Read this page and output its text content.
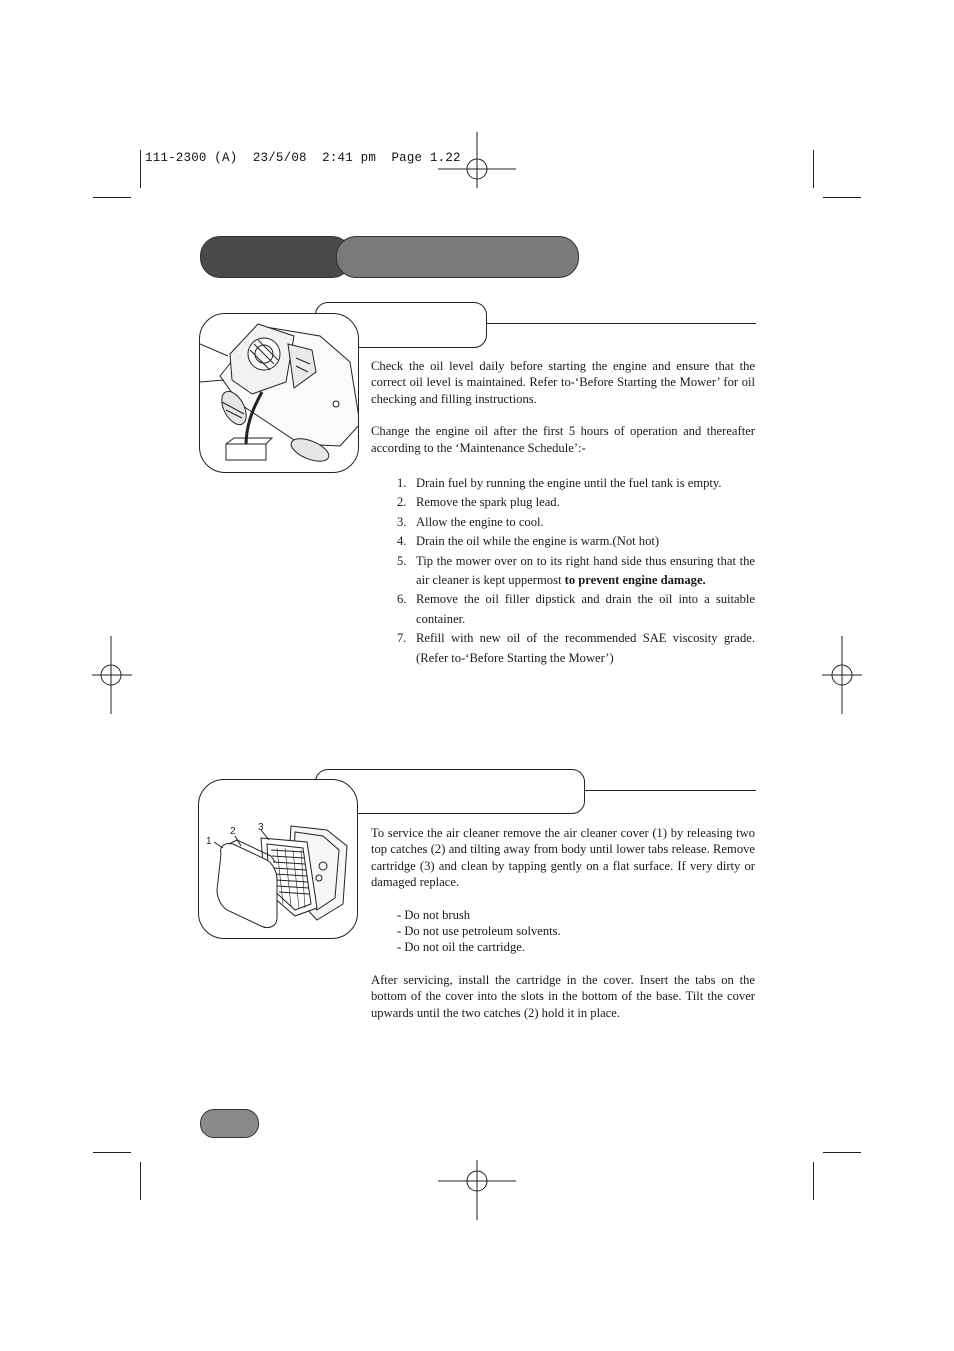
111-2300 (A)  23/5/08  2:41 pm  Page 1.22

Check the oil level daily before starting the engine and ensure that the correct oil level is maintained. Refer to-‘Before Starting the Mower’ for oil checking and filling instructions.

Change the engine oil after the first 5 hours of operation and thereafter according to the ‘Maintenance Schedule’:-

1. Drain fuel by running the engine until the fuel tank is empty.
2. Remove the spark plug lead.
3. Allow the engine to cool.
4. Drain the oil while the engine is warm.(Not hot)
5. Tip the mower over on to its right hand side thus ensuring that the air cleaner is kept uppermost to prevent engine damage.
6. Remove the oil filler dipstick and drain the oil into a suitable container.
7. Refill with new oil of the recommended SAE viscosity grade. (Refer to-‘Before Starting the Mower’)
1
2 3	To service the air cleaner remove the air cleaner cover (1) by releasing two top catches (2) and tilting away from body until lower tabs release. Remove cartridge (3) and clean by tapping gently on a flat surface. If very dirty or damaged replace.
- Do not brush
- Do not use petroleum solvents.
- Do not oil the cartridge.
After servicing, install the cartridge in the cover. Insert the tabs on the bottom of the cover into the slots in the bottom of the base. Tilt the cover upwards until the two catches (2) hold it in place.
